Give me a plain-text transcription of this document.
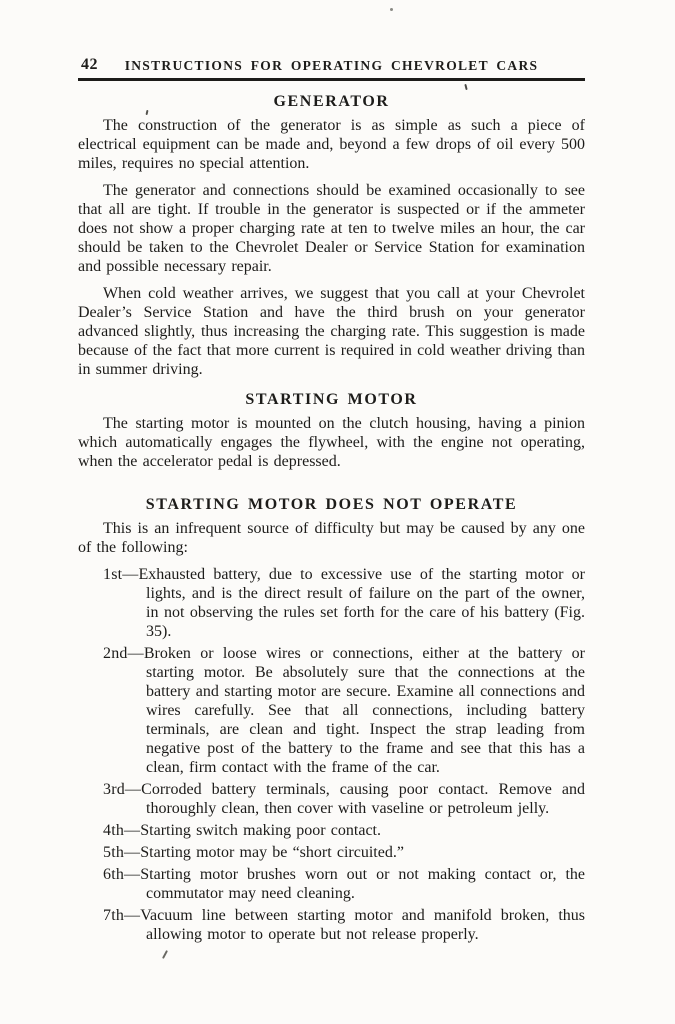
42	INSTRUCTIONS FOR OPERATING CHEVROLET CARS
GENERATOR

The construction of the generator is as simple as such a piece of electrical equipment can be made and, beyond a few drops of oil every 500 miles, requires no special attention.

The generator and connections should be examined occasionally to see that all are tight. If trouble in the generator is suspected or if the ammeter does not show a proper charging rate at ten to twelve miles an hour, the car should be taken to the Chevrolet Dealer or Service Station for examination and possible necessary repair.

When cold weather arrives, we suggest that you call at your Chevrolet Dealer’s Service Station and have the third brush on your generator advanced slightly, thus increasing the charging rate. This suggestion is made because of the fact that more current is required in cold weather driving than in summer driving.

STARTING MOTOR

The starting motor is mounted on the clutch housing, having a pinion which automatically engages the flywheel, with the engine not operating, when the accelerator pedal is depressed.

STARTING MOTOR DOES NOT OPERATE

This is an infrequent source of difficulty but may be caused by any one of the following:

1st—Exhausted battery, due to excessive use of the starting motor or lights, and is the direct result of failure on the part of the owner, in not observing the rules set forth for the care of his battery (Fig. 35).
2nd—Broken or loose wires or connections, either at the battery or starting motor. Be absolutely sure that the connections at the battery and starting motor are secure. Examine all connections and wires carefully. See that all connections, including battery terminals, are clean and tight. Inspect the strap leading from negative post of the battery to the frame and see that this has a clean, firm contact with the frame of the car.
3rd—Corroded battery terminals, causing poor contact. Remove and thoroughly clean, then cover with vaseline or petroleum jelly.
4th—Starting switch making poor contact.
5th—Starting motor may be “short circuited.”
6th—Starting motor brushes worn out or not making contact or, the commutator may need cleaning.
7th—Vacuum line between starting motor and manifold broken, thus allowing motor to operate but not release properly.
